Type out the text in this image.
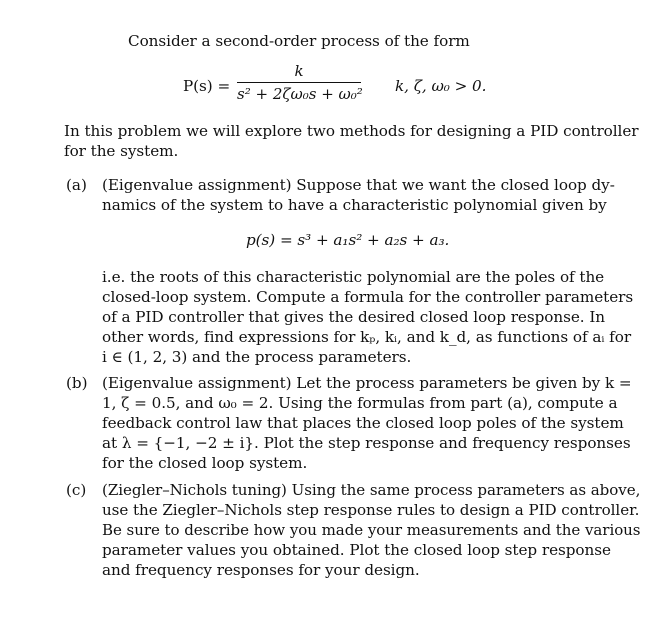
Consider a second-order process of the form
P(s) =
k
s² + 2ζω₀s + ω₀² k, ζ, ω₀ > 0.
In this problem we will explore two methods for designing a PID controller
for the system.
(a) (Eigenvalue assignment) Suppose that we want the closed loop dy-
namics of the system to have a characteristic polynomial given by
p(s) = s³ + a₁s² + a₂s + a₃.
i.e. the roots of this characteristic polynomial are the poles of the
closed-loop system. Compute a formula for the controller parameters
of a PID controller that gives the desired closed loop response. In
other words, find expressions for kₚ, kᵢ, and k_d, as functions of aᵢ for
i ∈ (1, 2, 3) and the process parameters.
(b) (Eigenvalue assignment) Let the process parameters be given by k =
1, ζ = 0.5, and ω₀ = 2. Using the formulas from part (a), compute a
feedback control law that places the closed loop poles of the system
at λ = {−1, −2 ± i}. Plot the step response and frequency responses
for the closed loop system.
(c) (Ziegler–Nichols tuning) Using the same process parameters as above,
use the Ziegler–Nichols step response rules to design a PID controller.
Be sure to describe how you made your measurements and the various
parameter values you obtained. Plot the closed loop step response
and frequency responses for your design.
